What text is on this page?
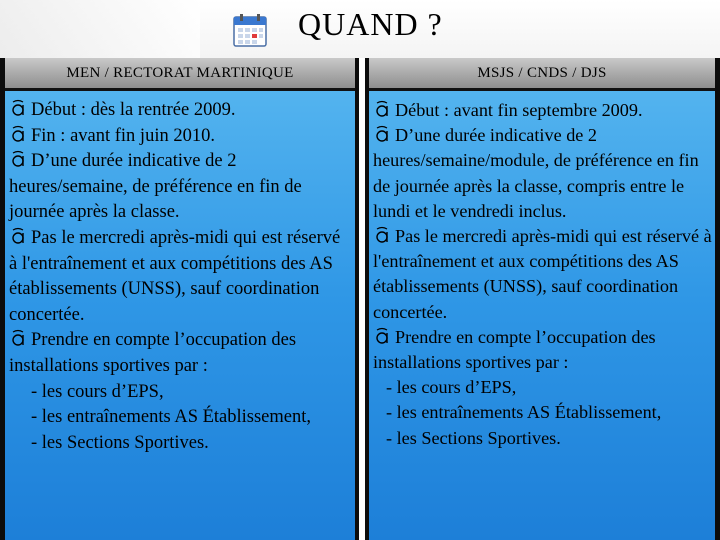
QUAND ?
MEN / RECTORAT MARTINIQUE

Début : dès la rentrée 2009.

Fin : avant fin juin 2010.

D’une durée indicative de 2 heures/semaine, de préférence en fin de journée après la classe.

Pas le mercredi après-midi qui est réservé à l'entraînement et aux compétitions des AS établissements (UNSS), sauf coordination concertée.

Prendre en compte l’occupation des installations sportives par :

- les cours d’EPS,

- les entraînements AS Établissement,

- les Sections Sportives.

MSJS / CNDS / DJS

Début : avant fin septembre 2009.

D’une durée indicative de 2 heures/semaine/module, de préférence en fin de journée après la classe, compris entre le lundi et le vendredi inclus.

Pas le mercredi après-midi qui est réservé à l'entraînement et aux compétitions des AS établissements (UNSS), sauf coordination concertée.

Prendre en compte l’occupation des installations sportives par :

- les cours d’EPS,

- les entraînements AS Établissement,

- les Sections Sportives.
